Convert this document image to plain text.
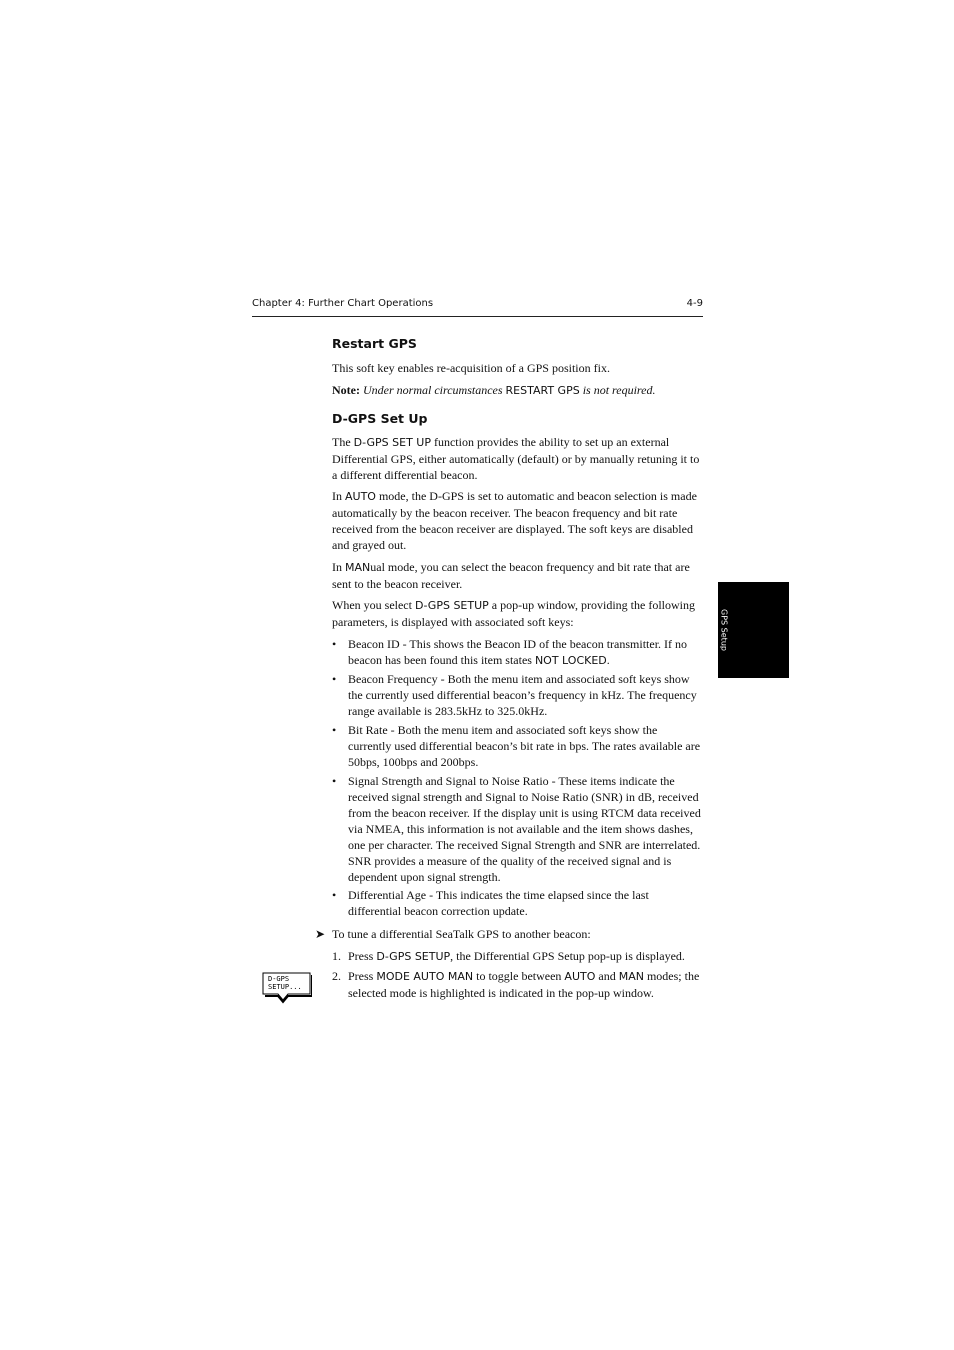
Chapter 4: Further Chart Operations	4-9
GPS Setup
Restart GPS
D-GPS Set Up

This soft key enables re-acquisition of a GPS position fix.

Note: Under normal circumstances RESTART GPS is not required.

The D-GPS SET UP function provides the ability to set up an external Differential GPS, either automatically (default) or by manually retuning it to a different differential beacon.

In AUTO mode, the D-GPS is set to automatic and beacon selection is made automatically by the beacon receiver. The beacon frequency and bit rate received from the beacon receiver are displayed. The soft keys are disabled and grayed out.

In MANual mode, you can select the beacon frequency and bit rate that are sent to the beacon receiver.

When you select D-GPS SETUP a pop-up window, providing the following parameters, is displayed with associated soft keys:

• Beacon ID - This shows the Beacon ID of the beacon transmitter. If no beacon has been found this item states NOT LOCKED.
• Beacon Frequency - Both the menu item and associated soft keys show the currently used differential beacon’s frequency in kHz. The frequency range available is 283.5kHz to 325.0kHz.
• Bit Rate - Both the menu item and associated soft keys show the currently used differential beacon’s bit rate in bps. The rates available are 50bps, 100bps and 200bps.
• Signal Strength and Signal to Noise Ratio - These items indicate the received signal strength and Signal to Noise Ratio (SNR) in dB, received from the beacon receiver. If the display unit is using RTCM data received via NMEA, this information is not available and the item shows dashes, one per character. The received Signal Strength and SNR are interrelated. SNR provides a measure of the quality of the received signal and is dependent upon signal strength.
• Differential Age - This indicates the time elapsed since the last differential beacon correction update.
1. Press D-GPS SETUP, the Differential GPS Setup pop-up is displayed.
2. Press MODE AUTO MAN to toggle between AUTO and MAN modes; the selected mode is highlighted is indicated in the pop-up window.
➤ To tune a differential SeaTalk GPS to another beacon:
D-GPS
SETUP...
